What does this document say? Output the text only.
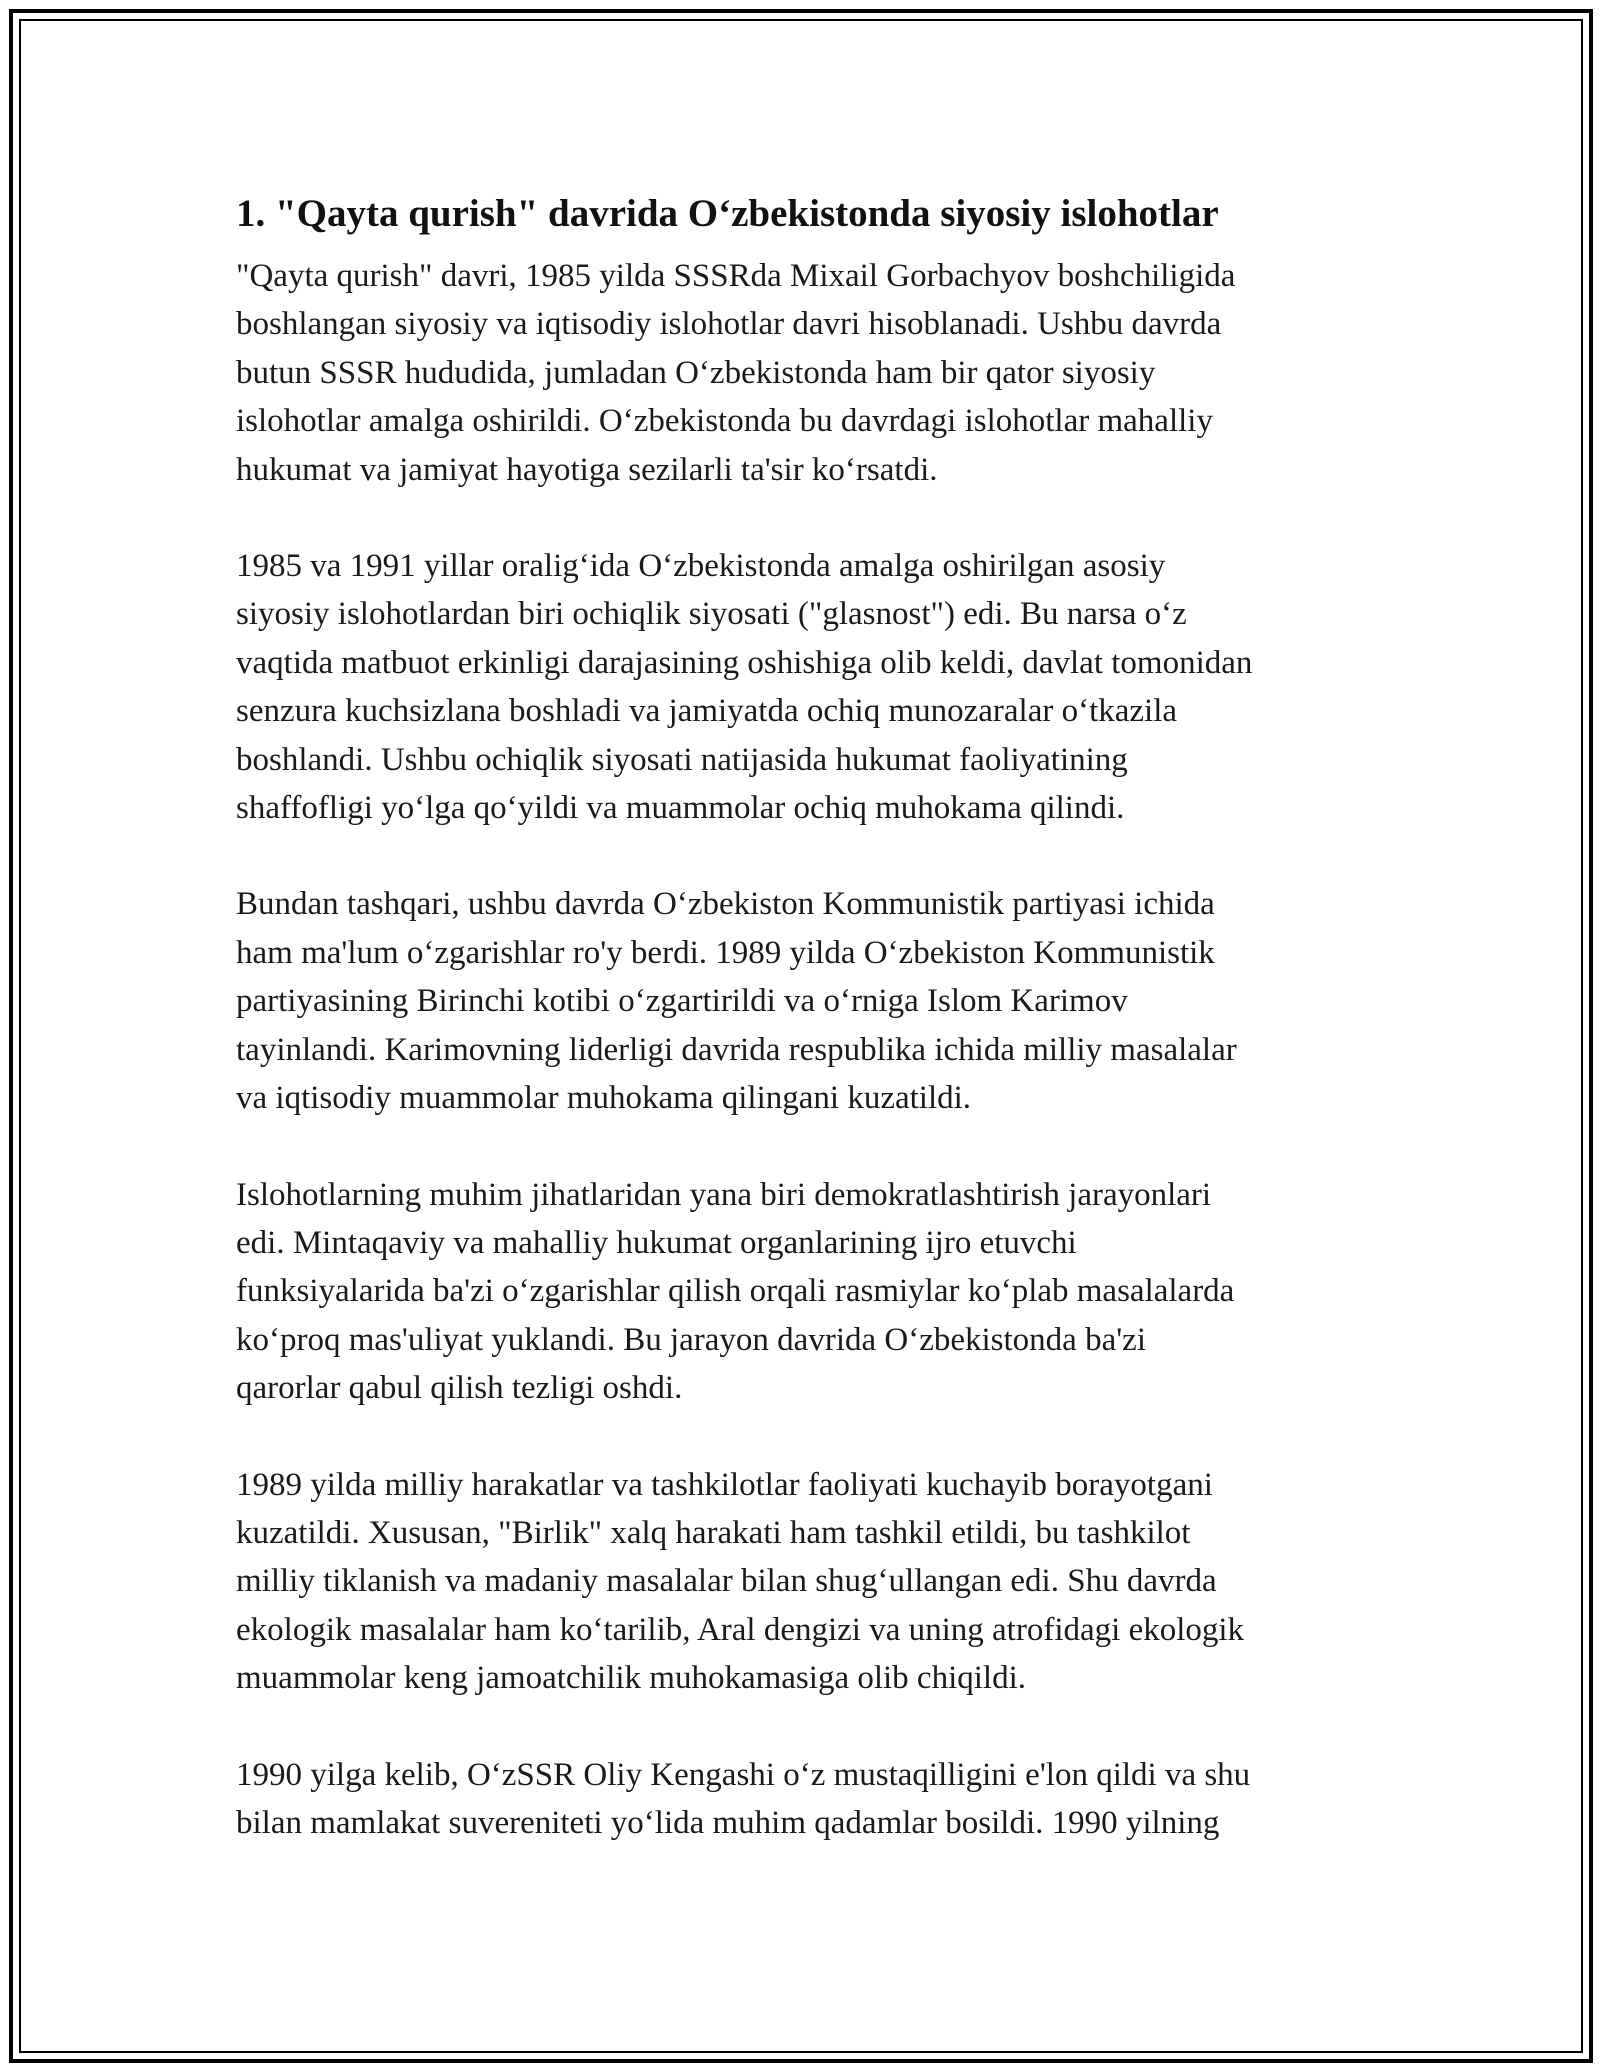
1. "Qayta qurish" davrida O‘zbekistonda siyosiy islohotlar
"Qayta qurish" davri, 1985 yilda SSSRda Mixail Gorbachyov boshchiligida
boshlangan siyosiy va iqtisodiy islohotlar davri hisoblanadi. Ushbu davrda
butun SSSR hududida, jumladan O‘zbekistonda ham bir qator siyosiy
islohotlar amalga oshirildi. O‘zbekistonda bu davrdagi islohotlar mahalliy
hukumat va jamiyat hayotiga sezilarli ta'sir ko‘rsatdi.
1985 va 1991 yillar oralig‘ida O‘zbekistonda amalga oshirilgan asosiy
siyosiy islohotlardan biri ochiqlik siyosati ("glasnost") edi. Bu narsa o‘z
vaqtida matbuot erkinligi darajasining oshishiga olib keldi, davlat tomonidan
senzura kuchsizlana boshladi va jamiyatda ochiq munozaralar o‘tkazila
boshlandi. Ushbu ochiqlik siyosati natijasida hukumat faoliyatining
shaffofligi yo‘lga qo‘yildi va muammolar ochiq muhokama qilindi.
Bundan tashqari, ushbu davrda O‘zbekiston Kommunistik partiyasi ichida
ham ma'lum o‘zgarishlar ro'y berdi. 1989 yilda O‘zbekiston Kommunistik
partiyasining Birinchi kotibi o‘zgartirildi va o‘rniga Islom Karimov
tayinlandi. Karimovning liderligi davrida respublika ichida milliy masalalar
va iqtisodiy muammolar muhokama qilingani kuzatildi.
Islohotlarning muhim jihatlaridan yana biri demokratlashtirish jarayonlari
edi. Mintaqaviy va mahalliy hukumat organlarining ijro etuvchi
funksiyalarida ba'zi o‘zgarishlar qilish orqali rasmiylar ko‘plab masalalarda
ko‘proq mas'uliyat yuklandi. Bu jarayon davrida O‘zbekistonda ba'zi
qarorlar qabul qilish tezligi oshdi.
1989 yilda milliy harakatlar va tashkilotlar faoliyati kuchayib borayotgani
kuzatildi. Xususan, "Birlik" xalq harakati ham tashkil etildi, bu tashkilot
milliy tiklanish va madaniy masalalar bilan shug‘ullangan edi. Shu davrda
ekologik masalalar ham ko‘tarilib, Aral dengizi va uning atrofidagi ekologik
muammolar keng jamoatchilik muhokamasiga olib chiqildi.
1990 yilga kelib, O‘zSSR Oliy Kengashi o‘z mustaqilligini e'lon qildi va shu
bilan mamlakat suvereniteti yo‘lida muhim qadamlar bosildi. 1990 yilning
